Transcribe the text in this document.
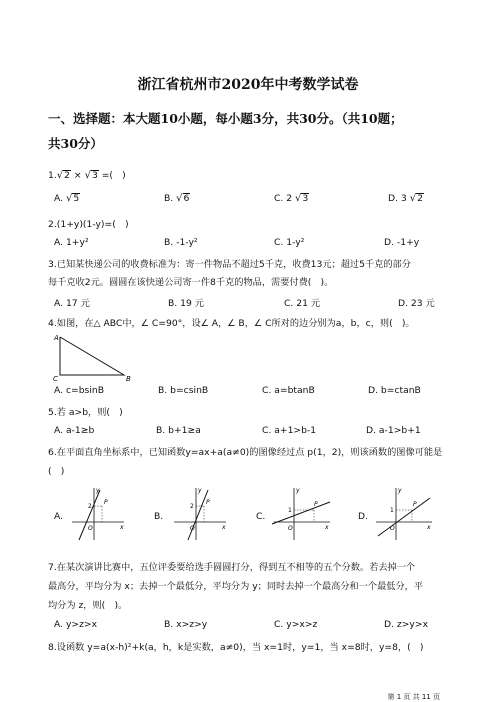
浙江省杭州市2020年中考数学试卷
一、选择题：本大题10小题，每小题3分，共30分。（共10题；
共30分）
1.√2 × √3 =(　)
A. √5	B. √6	C. 2 √3	D. 3 √2
2.(1+y)(1-y)=(　)
A. 1+y²	B. -1-y²	C. 1-y²	D. -1+y
3.已知某快递公司的收费标准为：寄一件物品不超过5千克，收费13元；超过5千克的部分
每千克收2元。圆圆在该快递公司寄一件8千克的物品，需要付费(　)。
A. 17 元	B. 19 元	C. 21 元	D. 23 元
4.如图，在△ ABC中，∠ C=90°，设∠ A，∠ B，∠ C所对的边分别为a，b，c，则(　)。
A
C	B
A. c=bsinB	B. b=csinB	C. a=btanB	D. b=ctanB
5.若 a>b，则(　)
A. a-1≥b	B. b+1≥a	C. a+1>b-1	D. a-1>b+1
6.在平面直角坐标系中，已知函数y=ax+a(a≠0)的图像经过点 p(1，2)，则该函数的图像可能是
(　)
A.
y
x
O
P
2
B.
y
x
O
P
2
C.
y
x
O
P
1
D.
y
x
O
P
1
7.在某次演讲比赛中，五位评委要给选手圆圆打分，得到互不相等的五个分数。若去掉一个
最高分，平均分为 x；去掉一个最低分，平均分为 y；同时去掉一个最高分和一个最低分，平
均分为 z，则(　)。
A. y>z>x	B. x>z>y	C. y>x>z	D. z>y>x
8.设函数 y=a(x-h)²+k(a，h，k是实数，a≠0)，当 x=1时，y=1，当 x=8时，y=8，(　)
第 1 页 共 11 页
